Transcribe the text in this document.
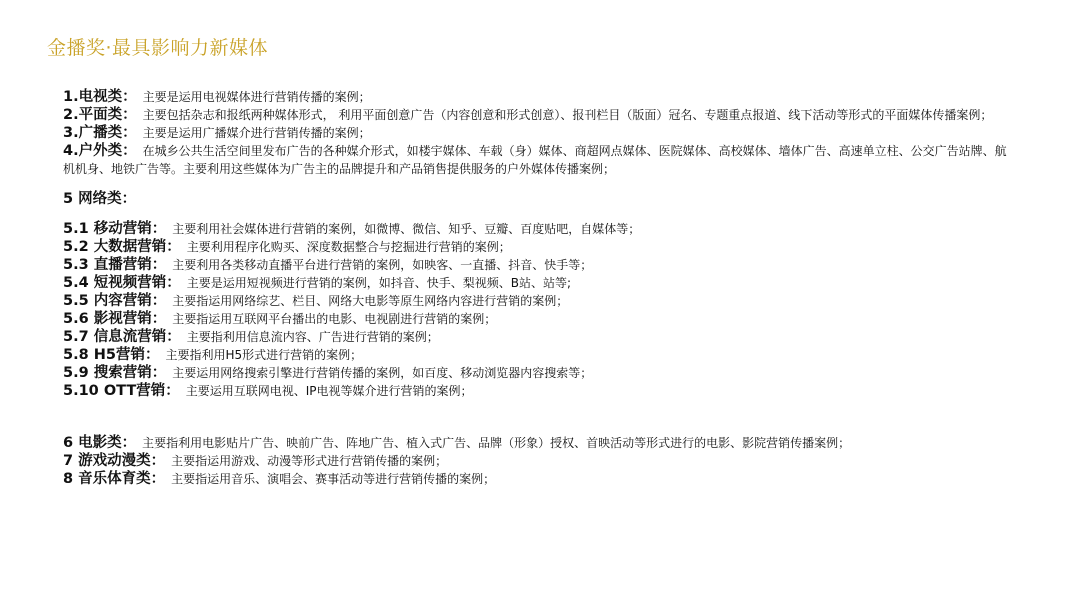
金播奖·最具影响力新媒体
1.电视类： 主要是运用电视媒体进行营销传播的案例；
2.平面类： 主要包括杂志和报纸两种媒体形式， 利用平面创意广告（内容创意和形式创意）、报刊栏目（版面）冠名、专题重点报道、线下活动等形式的平面媒体传播案例；
3.广播类： 主要是运用广播媒介进行营销传播的案例；
4.户外类： 在城乡公共生活空间里发布广告的各种媒介形式，如楼宇媒体、车载（身）媒体、商超网点媒体、医院媒体、高校媒体、墙体广告、高速单立柱、公交广告站牌、航机机身、地铁广告等。主要利用这些媒体为广告主的品牌提升和产品销售提供服务的户外媒体传播案例；
5 网络类：
5.1 移动营销： 主要利用社会媒体进行营销的案例，如微博、微信、知乎、豆瓣、百度贴吧，自媒体等；
5.2 大数据营销： 主要利用程序化购买、深度数据整合与挖掘进行营销的案例；
5.3 直播营销： 主要利用各类移动直播平台进行营销的案例，如映客、一直播、抖音、快手等；
5.4 短视频营销： 主要是运用短视频进行营销的案例，如抖音、快手、梨视频、B站、站等;
5.5 内容营销： 主要指运用网络综艺、栏目、网络大电影等原生网络内容进行营销的案例；
5.6 影视营销： 主要指运用互联网平台播出的电影、电视剧进行营销的案例；
5.7 信息流营销： 主要指利用信息流内容、广告进行营销的案例；
5.8 H5营销： 主要指利用H5形式进行营销的案例；
5.9 搜索营销： 主要运用网络搜索引擎进行营销传播的案例，如百度、移动浏览器内容搜索等；
5.10 OTT营销： 主要运用互联网电视、IP电视等媒介进行营销的案例；
6 电影类： 主要指利用电影贴片广告、映前广告、阵地广告、植入式广告、品牌（形象）授权、首映活动等形式进行的电影、影院营销传播案例；
7 游戏动漫类： 主要指运用游戏、动漫等形式进行营销传播的案例；
8 音乐体育类： 主要指运用音乐、演唱会、赛事活动等进行营销传播的案例；
